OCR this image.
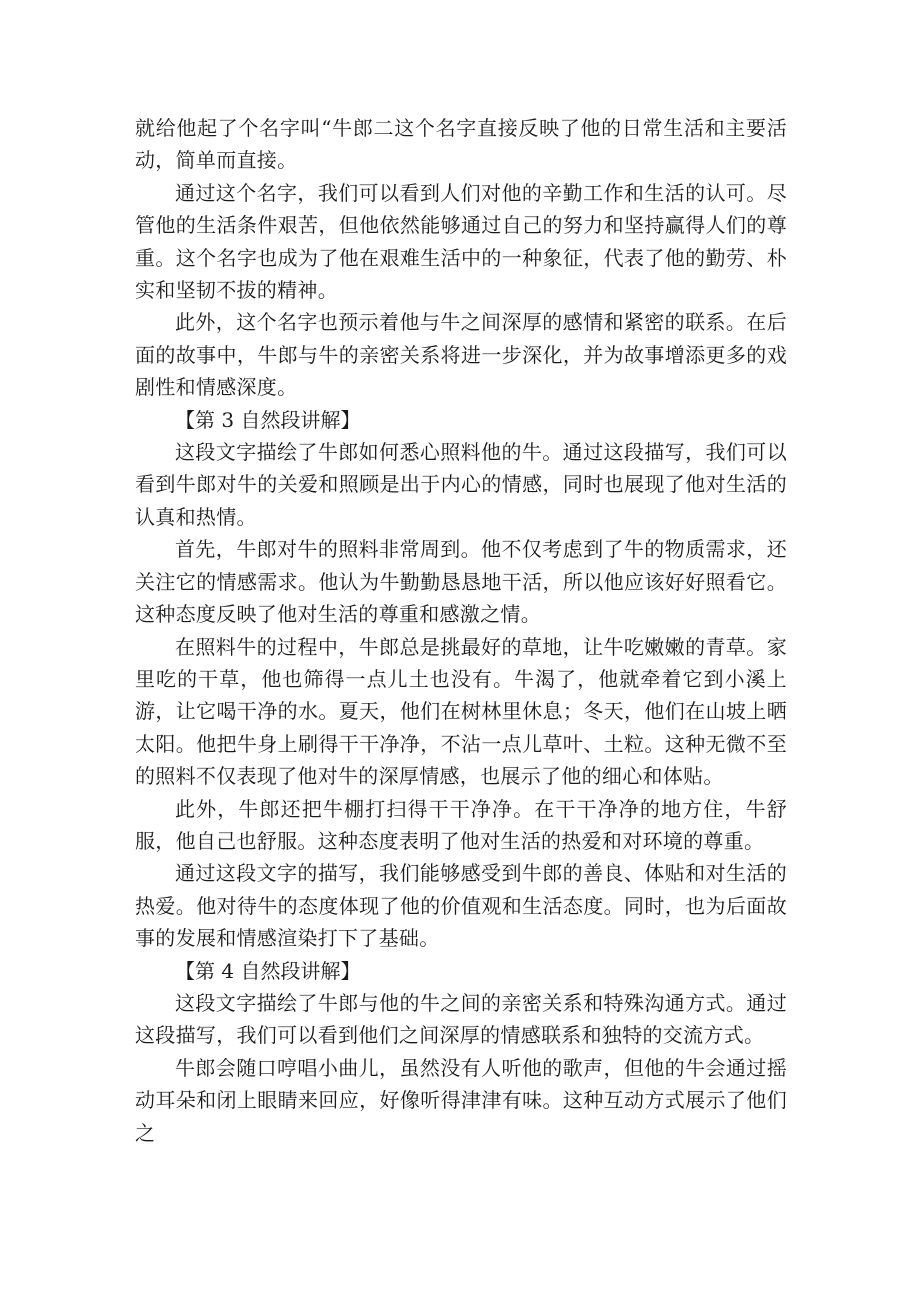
就给他起了个名字叫“牛郎二这个名字直接反映了他的日常生活和主要活动，简单而直接。

通过这个名字，我们可以看到人们对他的辛勤工作和生活的认可。尽管他的生活条件艰苦，但他依然能够通过自己的努力和坚持赢得人们的尊重。这个名字也成为了他在艰难生活中的一种象征，代表了他的勤劳、朴实和坚韧不拔的精神。

此外，这个名字也预示着他与牛之间深厚的感情和紧密的联系。在后面的故事中，牛郎与牛的亲密关系将进一步深化，并为故事增添更多的戏剧性和情感深度。

【第 3 自然段讲解】

这段文字描绘了牛郎如何悉心照料他的牛。通过这段描写，我们可以看到牛郎对牛的关爱和照顾是出于内心的情感，同时也展现了他对生活的认真和热情。

首先，牛郎对牛的照料非常周到。他不仅考虑到了牛的物质需求，还关注它的情感需求。他认为牛勤勤恳恳地干活，所以他应该好好照看它。这种态度反映了他对生活的尊重和感激之情。

在照料牛的过程中，牛郎总是挑最好的草地，让牛吃嫩嫩的青草。家里吃的干草，他也筛得一点儿土也没有。牛渴了，他就牵着它到小溪上游，让它喝干净的水。夏天，他们在树林里休息；冬天，他们在山坡上晒太阳。他把牛身上刷得干干净净，不沾一点儿草叶、土粒。这种无微不至的照料不仅表现了他对牛的深厚情感，也展示了他的细心和体贴。

此外，牛郎还把牛棚打扫得干干净净。在干干净净的地方住，牛舒服，他自己也舒服。这种态度表明了他对生活的热爱和对环境的尊重。

通过这段文字的描写，我们能够感受到牛郎的善良、体贴和对生活的热爱。他对待牛的态度体现了他的价值观和生活态度。同时，也为后面故事的发展和情感渲染打下了基础。

【第 4 自然段讲解】

这段文字描绘了牛郎与他的牛之间的亲密关系和特殊沟通方式。通过这段描写，我们可以看到他们之间深厚的情感联系和独特的交流方式。

牛郎会随口哼唱小曲儿，虽然没有人听他的歌声，但他的牛会通过摇动耳朵和闭上眼睛来回应，好像听得津津有味。这种互动方式展示了他们之
